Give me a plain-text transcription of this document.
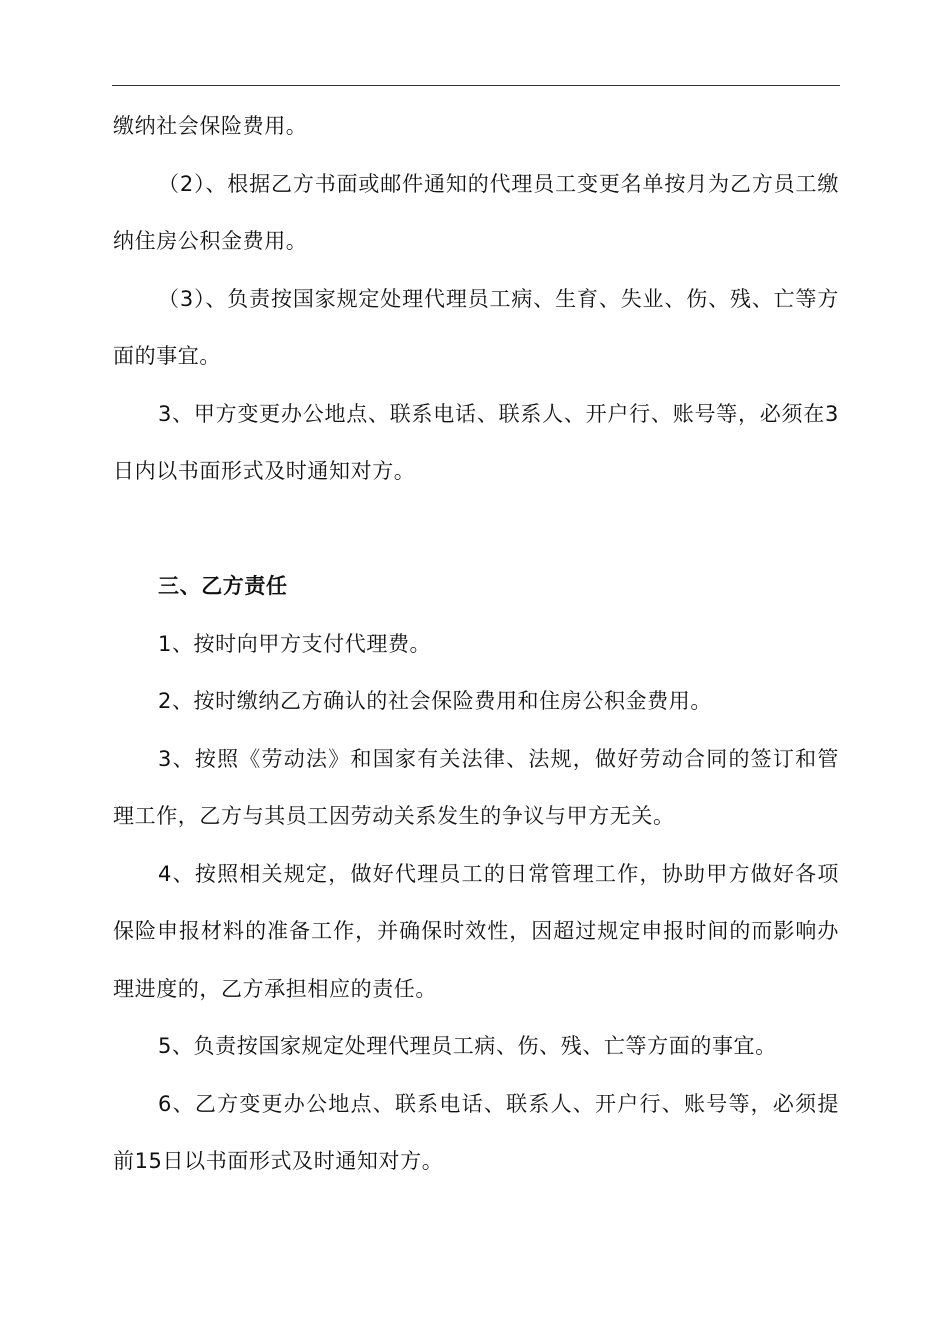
缴纳社会保险费用。

（2）、根据乙方书面或邮件通知的代理员工变更名单按月为乙方员工缴纳住房公积金费用。

（3）、负责按国家规定处理代理员工病、生育、失业、伤、残、亡等方面的事宜。

3、甲方变更办公地点、联系电话、联系人、开户行、账号等，必须在3日内以书面形式及时通知对方。

三、乙方责任

1、按时向甲方支付代理费。

2、按时缴纳乙方确认的社会保险费用和住房公积金费用。

3、按照《劳动法》和国家有关法律、法规，做好劳动合同的签订和管理工作，乙方与其员工因劳动关系发生的争议与甲方无关。

4、按照相关规定，做好代理员工的日常管理工作，协助甲方做好各项保险申报材料的准备工作，并确保时效性，因超过规定申报时间的而影响办理进度的，乙方承担相应的责任。

5、负责按国家规定处理代理员工病、伤、残、亡等方面的事宜。

6、乙方变更办公地点、联系电话、联系人、开户行、账号等，必须提前15日以书面形式及时通知对方。
